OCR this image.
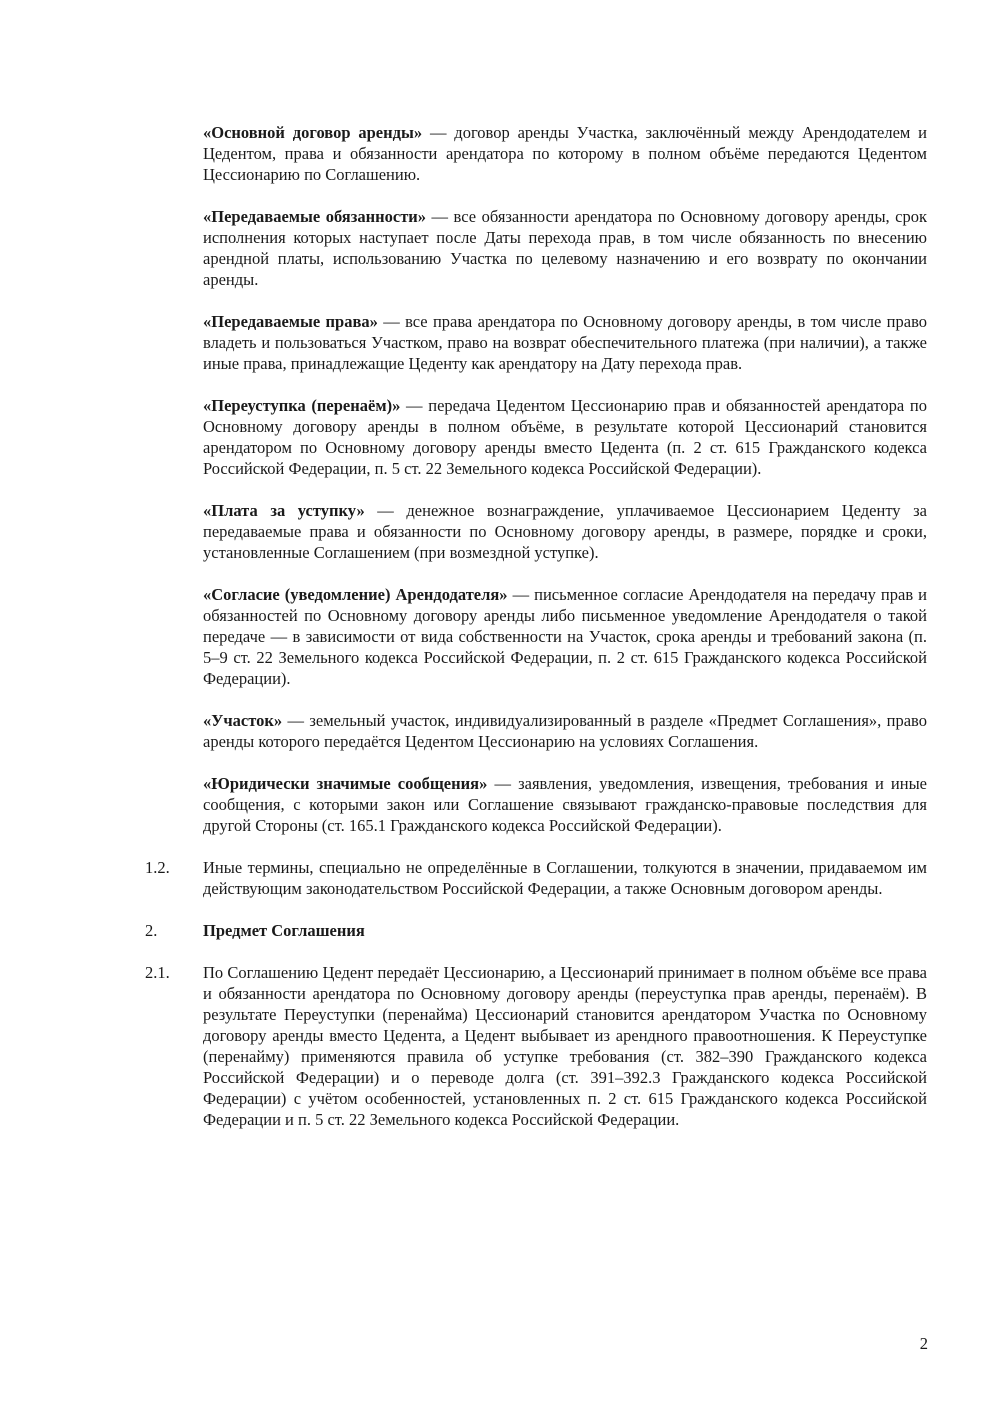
«Основной договор аренды» — договор аренды Участка, заключённый между Арендодателем и Цедентом, права и обязанности арендатора по которому в полном объёме передаются Цедентом Цессионарию по Соглашению.

«Передаваемые обязанности» — все обязанности арендатора по Основному договору аренды, срок исполнения которых наступает после Даты перехода прав, в том числе обязанность по внесению арендной платы, использованию Участка по целевому назначению и его возврату по окончании аренды.

«Передаваемые права» — все права арендатора по Основному договору аренды, в том числе право владеть и пользоваться Участком, право на возврат обеспечительного платежа (при наличии), а также иные права, принадлежащие Цеденту как арендатору на Дату перехода прав.

«Переуступка (перенаём)» — передача Цедентом Цессионарию прав и обязанностей арендатора по Основному договору аренды в полном объёме, в результате которой Цессионарий становится арендатором по Основному договору аренды вместо Цедента (п. 2 ст. 615 Гражданского кодекса Российской Федерации, п. 5 ст. 22 Земельного кодекса Российской Федерации).

«Плата за уступку» — денежное вознаграждение, уплачиваемое Цессионарием Цеденту за передаваемые права и обязанности по Основному договору аренды, в размере, порядке и сроки, установленные Соглашением (при возмездной уступке).

«Согласие (уведомление) Арендодателя» — письменное согласие Арендодателя на передачу прав и обязанностей по Основному договору аренды либо письменное уведомление Арендодателя о такой передаче — в зависимости от вида собственности на Участок, срока аренды и требований закона (п. 5–9 ст. 22 Земельного кодекса Российской Федерации, п. 2 ст. 615 Гражданского кодекса Российской Федерации).

«Участок» — земельный участок, индивидуализированный в разделе «Предмет Соглашения», право аренды которого передаётся Цедентом Цессионарию на условиях Соглашения.

«Юридически значимые сообщения» — заявления, уведомления, извещения, требования и иные сообщения, с которыми закон или Соглашение связывают гражданско-правовые последствия для другой Стороны (ст. 165.1 Гражданского кодекса Российской Федерации).

1.2.	Иные термины, специально не определённые в Соглашении, толкуются в значении, придаваемом им действующим законодательством Российской Федерации, а также Основным договором аренды.
2.	Предмет Соглашения
2.1.	По Соглашению Цедент передаёт Цессионарию, а Цессионарий принимает в полном объёме все права и обязанности арендатора по Основному договору аренды (переуступка прав аренды, перенаём). В результате Переуступки (перенайма) Цессионарий становится арендатором Участка по Основному договору аренды вместо Цедента, а Цедент выбывает из арендного правоотношения. К Переуступке (перенайму) применяются правила об уступке требования (ст. 382–390 Гражданского кодекса Российской Федерации) и о переводе долга (ст. 391–392.3 Гражданского кодекса Российской Федерации) с учётом особенностей, установленных п. 2 ст. 615 Гражданского кодекса Российской Федерации и п. 5 ст. 22 Земельного кодекса Российской Федерации.
2
